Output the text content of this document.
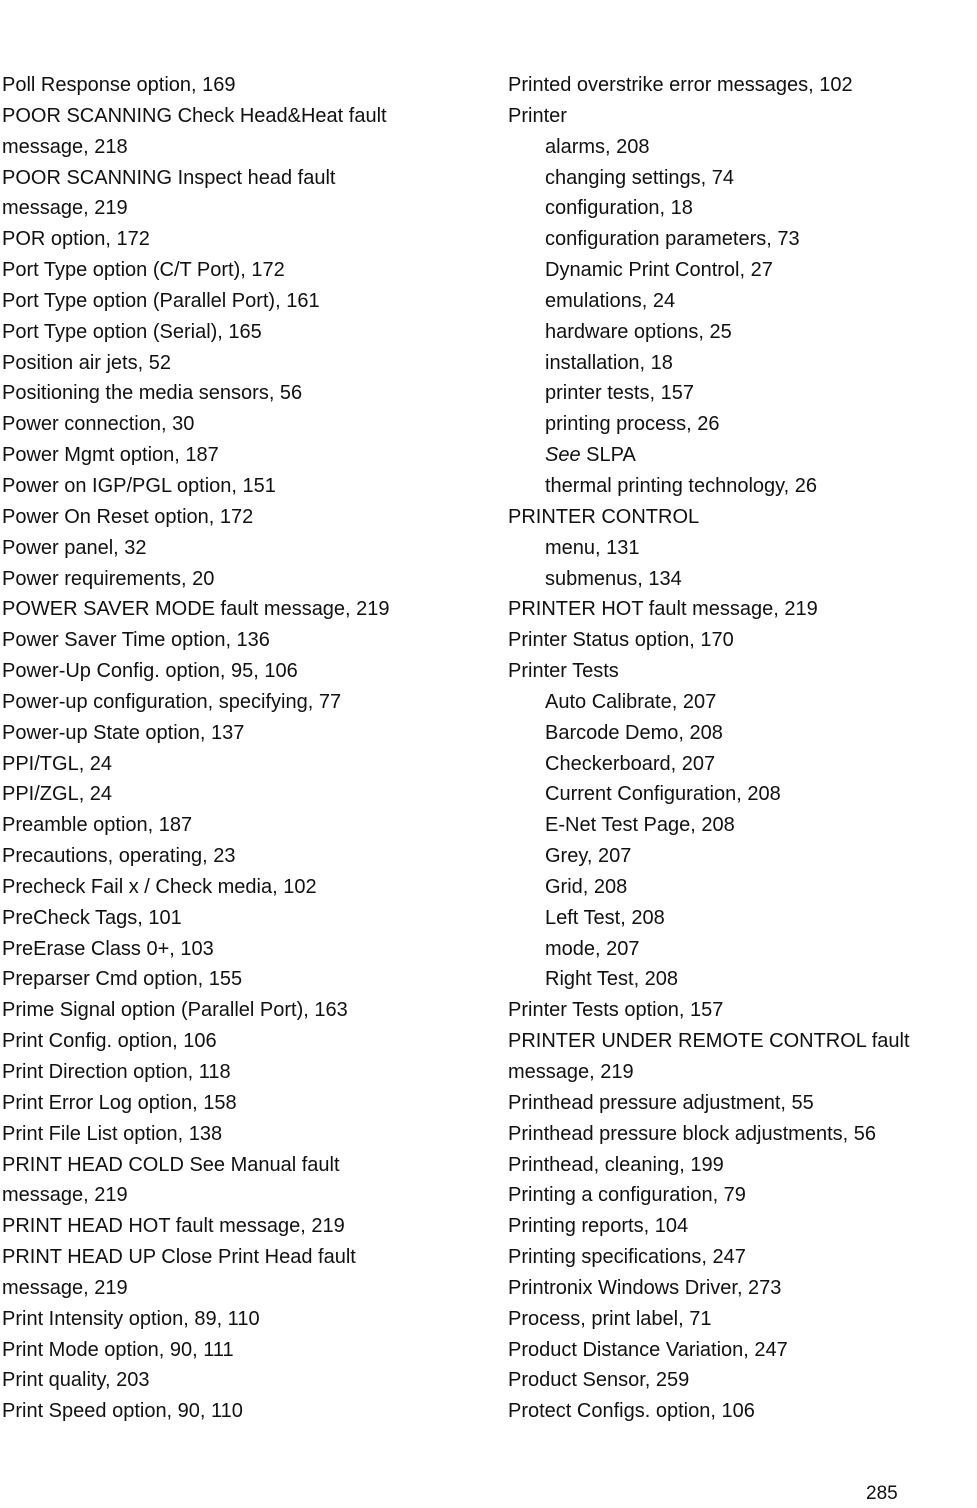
Poll Response option, 169
POOR SCANNING Check Head&Heat fault
message, 218
POOR SCANNING Inspect head fault
message, 219
POR option, 172
Port Type option (C/T Port), 172
Port Type option (Parallel Port), 161
Port Type option (Serial), 165
Position air jets, 52
Positioning the media sensors, 56
Power connection, 30
Power Mgmt option, 187
Power on IGP/PGL option, 151
Power On Reset option, 172
Power panel, 32
Power requirements, 20
POWER SAVER MODE fault message, 219
Power Saver Time option, 136
Power-Up Config. option, 95, 106
Power-up configuration, specifying, 77
Power-up State option, 137
PPI/TGL, 24
PPI/ZGL, 24
Preamble option, 187
Precautions, operating, 23
Precheck Fail x / Check media, 102
PreCheck Tags, 101
PreErase Class 0+, 103
Preparser Cmd option, 155
Prime Signal option (Parallel Port), 163
Print Config. option, 106
Print Direction option, 118
Print Error Log option, 158
Print File List option, 138
PRINT HEAD COLD See Manual fault
message, 219
PRINT HEAD HOT fault message, 219
PRINT HEAD UP Close Print Head fault
message, 219
Print Intensity option, 89, 110
Print Mode option, 90, 111
Print quality, 203
Print Speed option, 90, 110
Printed overstrike error messages, 102
Printer
alarms, 208
changing settings, 74
configuration, 18
configuration parameters, 73
Dynamic Print Control, 27
emulations, 24
hardware options, 25
installation, 18
printer tests, 157
printing process, 26
See SLPA
thermal printing technology, 26
PRINTER CONTROL
menu, 131
submenus, 134
PRINTER HOT fault message, 219
Printer Status option, 170
Printer Tests
Auto Calibrate, 207
Barcode Demo, 208
Checkerboard, 207
Current Configuration, 208
E-Net Test Page, 208
Grey, 207
Grid, 208
Left Test, 208
mode, 207
Right Test, 208
Printer Tests option, 157
PRINTER UNDER REMOTE CONTROL fault
message, 219
Printhead pressure adjustment, 55
Printhead pressure block adjustments, 56
Printhead, cleaning, 199
Printing a configuration, 79
Printing reports, 104
Printing specifications, 247
Printronix Windows Driver, 273
Process, print label, 71
Product Distance Variation, 247
Product Sensor, 259
Protect Configs. option, 106
285
